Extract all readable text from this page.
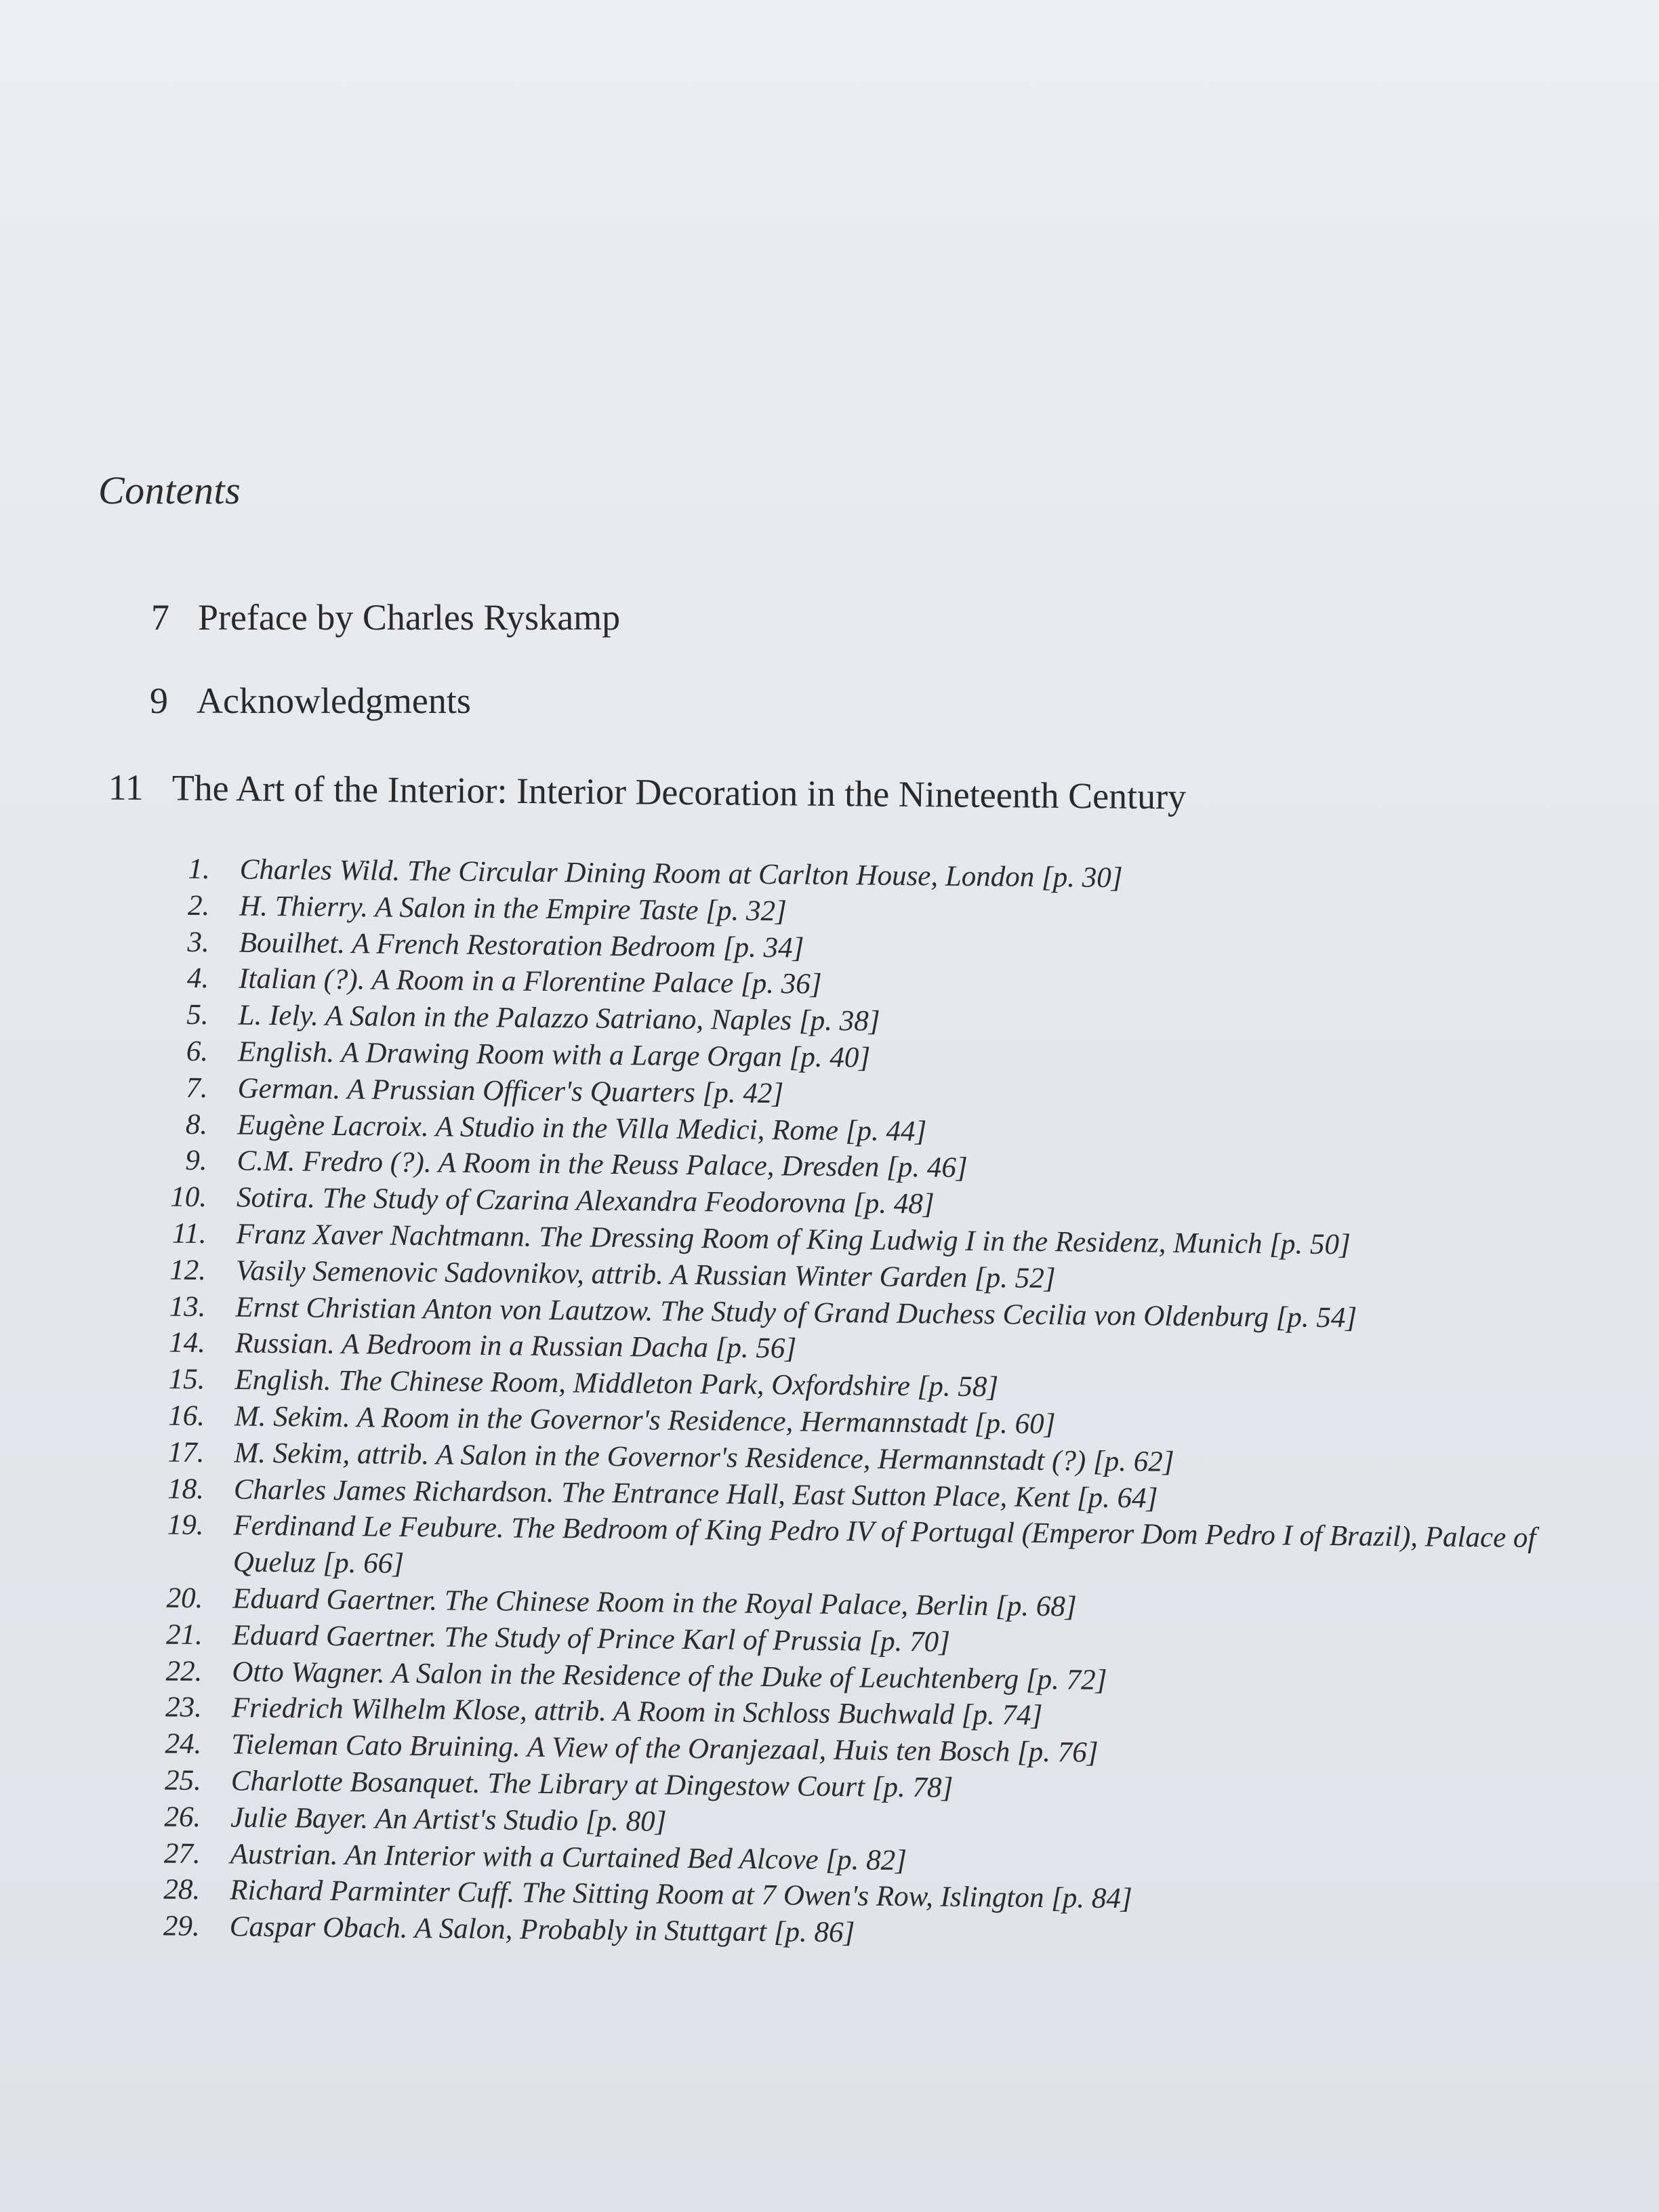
Contents
7 Preface by Charles Ryskamp
9 Acknowledgments
11 The Art of the Interior: Interior Decoration in the Nineteenth Century
1.	Charles Wild. The Circular Dining Room at Carlton House, London [p. 30]
2.	H. Thierry. A Salon in the Empire Taste [p. 32]
3.	Bouilhet. A French Restoration Bedroom [p. 34]
4.	Italian (?). A Room in a Florentine Palace [p. 36]
5.	L. Iely. A Salon in the Palazzo Satriano, Naples [p. 38]
6.	English. A Drawing Room with a Large Organ [p. 40]
7.	German. A Prussian Officer's Quarters [p. 42]
8.	Eugène Lacroix. A Studio in the Villa Medici, Rome [p. 44]
9.	C.M. Fredro (?). A Room in the Reuss Palace, Dresden [p. 46]
10.	Sotira. The Study of Czarina Alexandra Feodorovna [p. 48]
11.	Franz Xaver Nachtmann. The Dressing Room of King Ludwig I in the Residenz, Munich [p. 50]
12.	Vasily Semenovic Sadovnikov, attrib. A Russian Winter Garden [p. 52]
13.	Ernst Christian Anton von Lautzow. The Study of Grand Duchess Cecilia von Oldenburg [p. 54]
14.	Russian. A Bedroom in a Russian Dacha [p. 56]
15.	English. The Chinese Room, Middleton Park, Oxfordshire [p. 58]
16.	M. Sekim. A Room in the Governor's Residence, Hermannstadt [p. 60]
17.	M. Sekim, attrib. A Salon in the Governor's Residence, Hermannstadt (?) [p. 62]
18.	Charles James Richardson. The Entrance Hall, East Sutton Place, Kent [p. 64]
19.	Ferdinand Le Feubure. The Bedroom of King Pedro IV of Portugal (Emperor Dom Pedro I of Brazil), Palace of Queluz [p. 66]
20.	Eduard Gaertner. The Chinese Room in the Royal Palace, Berlin [p. 68]
21.	Eduard Gaertner. The Study of Prince Karl of Prussia [p. 70]
22.	Otto Wagner. A Salon in the Residence of the Duke of Leuchtenberg [p. 72]
23.	Friedrich Wilhelm Klose, attrib. A Room in Schloss Buchwald [p. 74]
24.	Tieleman Cato Bruining. A View of the Oranjezaal, Huis ten Bosch [p. 76]
25.	Charlotte Bosanquet. The Library at Dingestow Court [p. 78]
26.	Julie Bayer. An Artist's Studio [p. 80]
27.	Austrian. An Interior with a Curtained Bed Alcove [p. 82]
28.	Richard Parminter Cuff. The Sitting Room at 7 Owen's Row, Islington [p. 84]
29.	Caspar Obach. A Salon, Probably in Stuttgart [p. 86]
